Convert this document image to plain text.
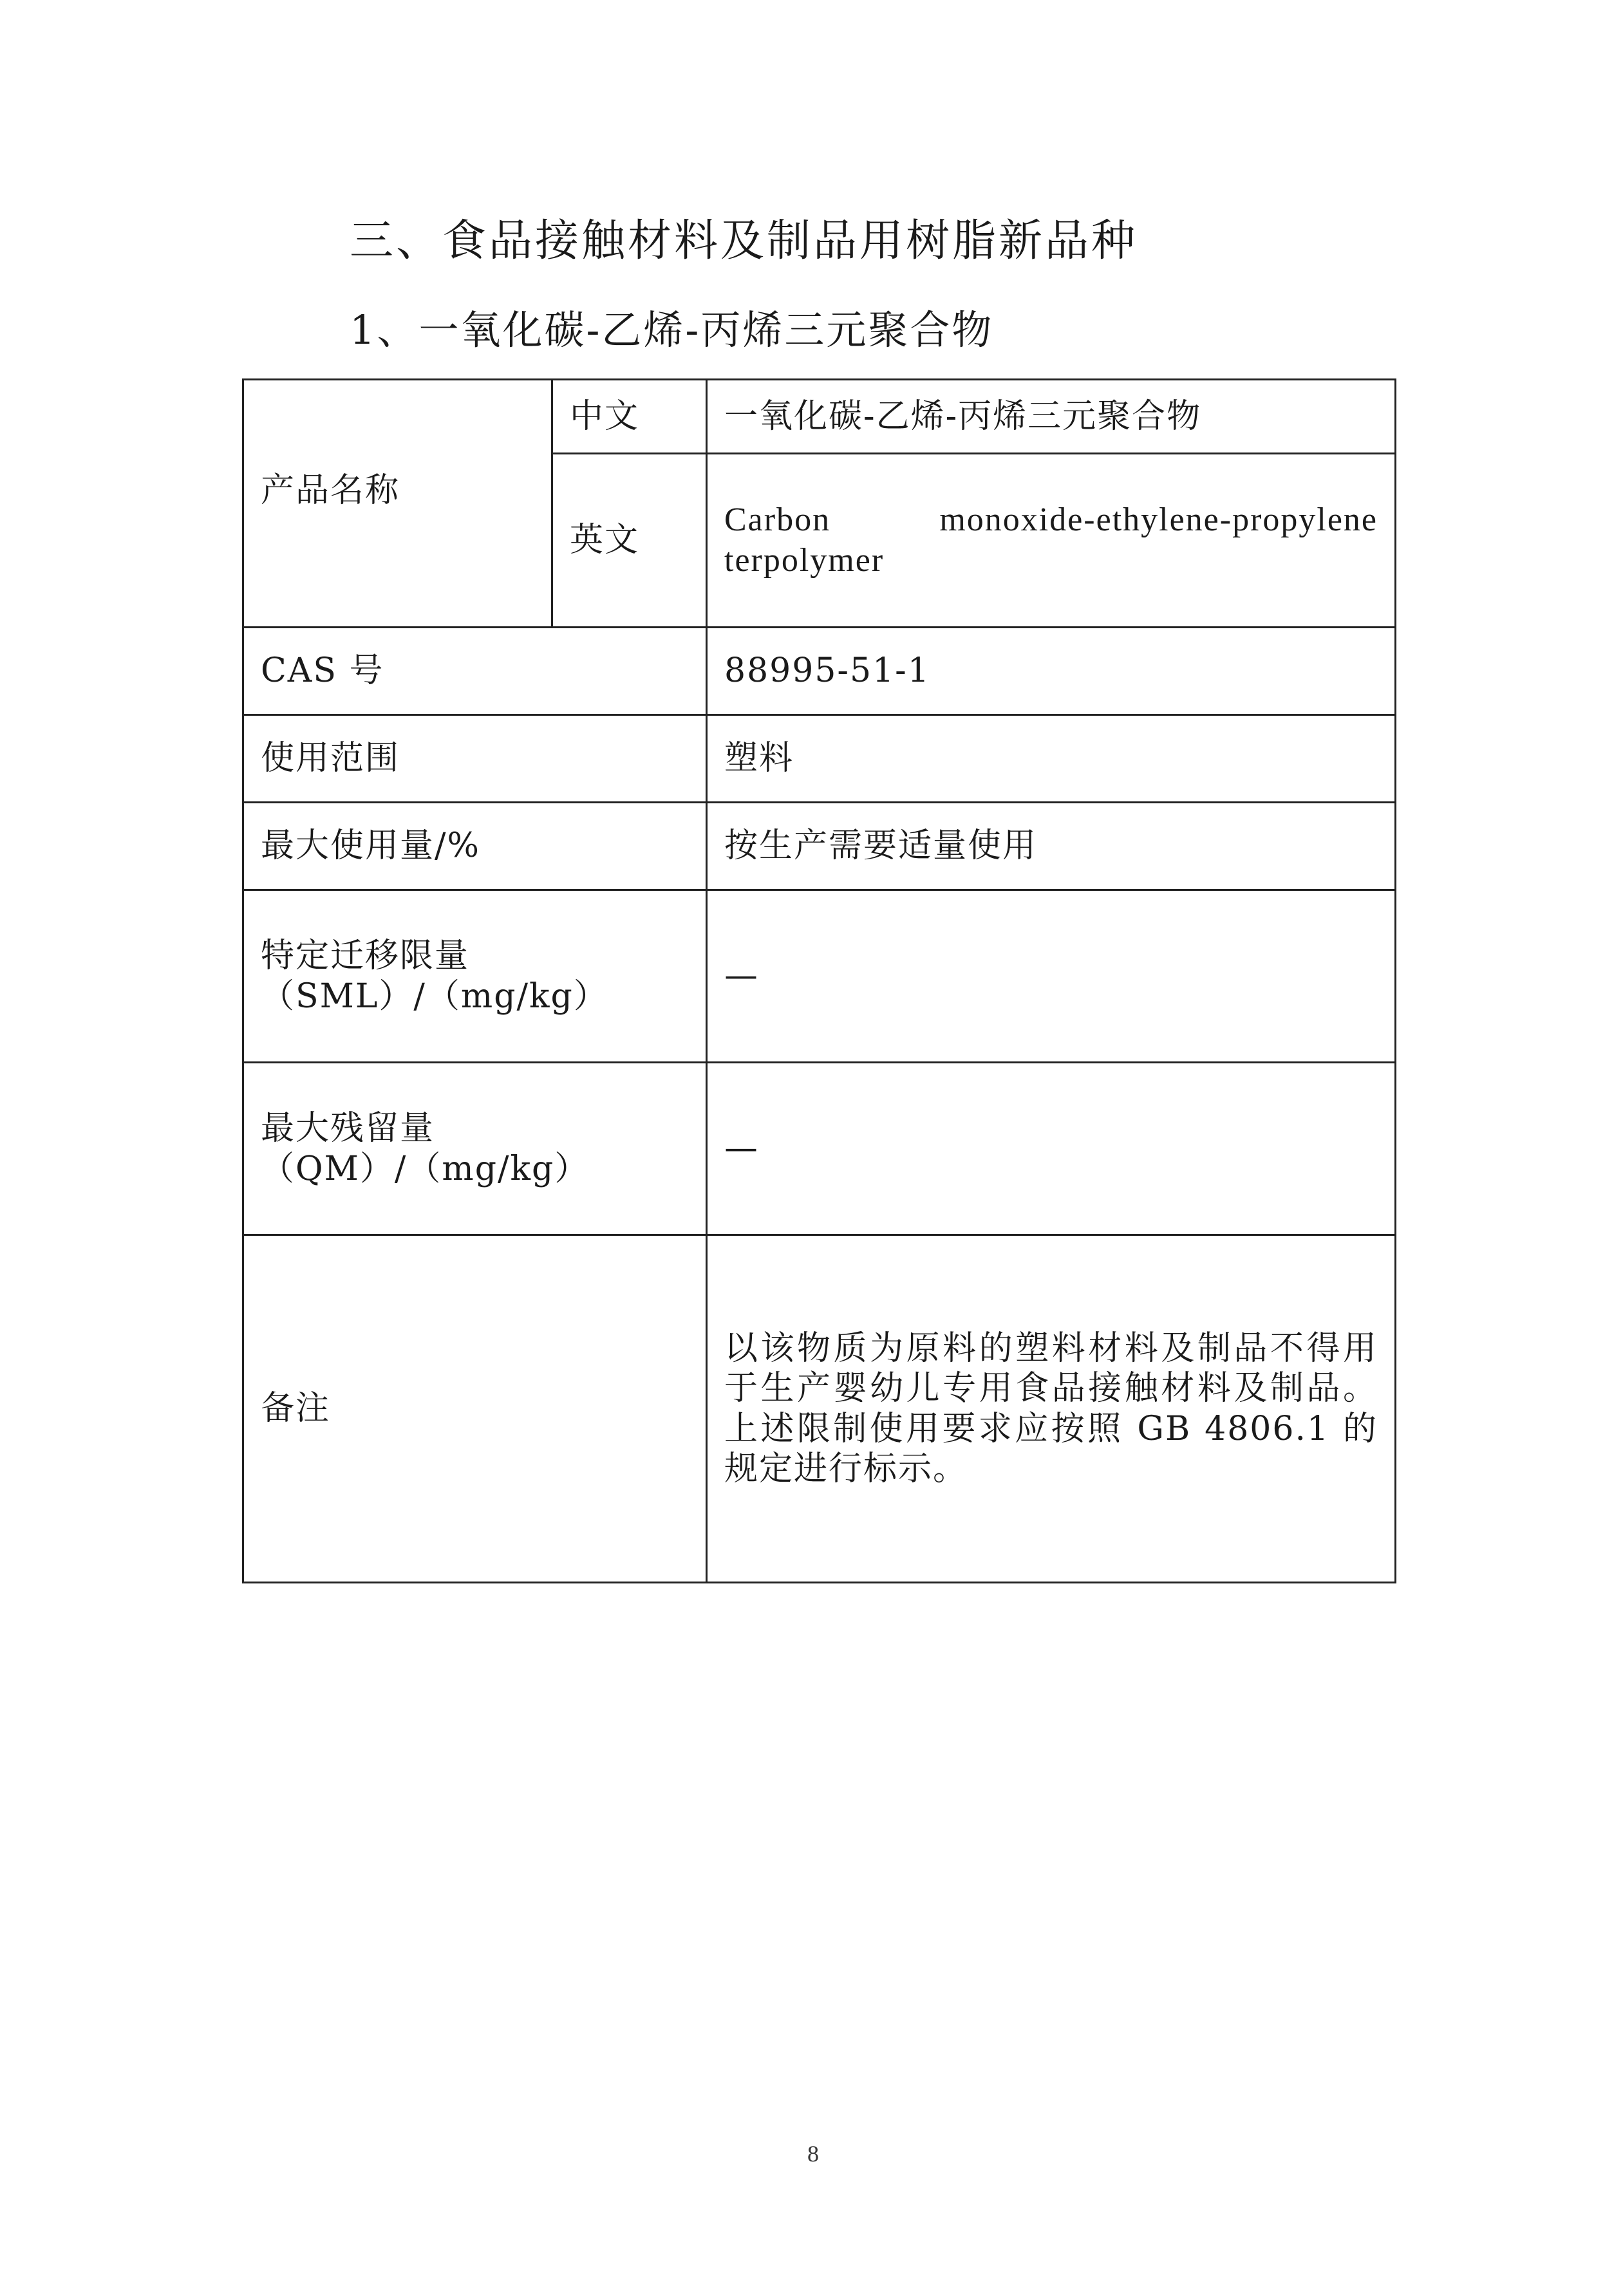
三、食品接触材料及制品用树脂新品种
1、一氧化碳-乙烯-丙烯三元聚合物
产品名称	中文	一氧化碳-乙烯-丙烯三元聚合物
	英文	Carbon monoxide-ethylene-propylene
terpolymer

CAS 号		88995-51-1
使用范围		塑料
最大使用量/%		按生产需要适量使用

特定迁移限量
（SML）/（mg/kg）		—

最大残留量
（QM）/（mg/kg）		—
备注		以该物质为原料的塑料材料及制品不得用于生产婴幼儿专用食品接触材料及制品。上述限制使用要求应按照 GB 4806.1 的规定进行标示。
8
